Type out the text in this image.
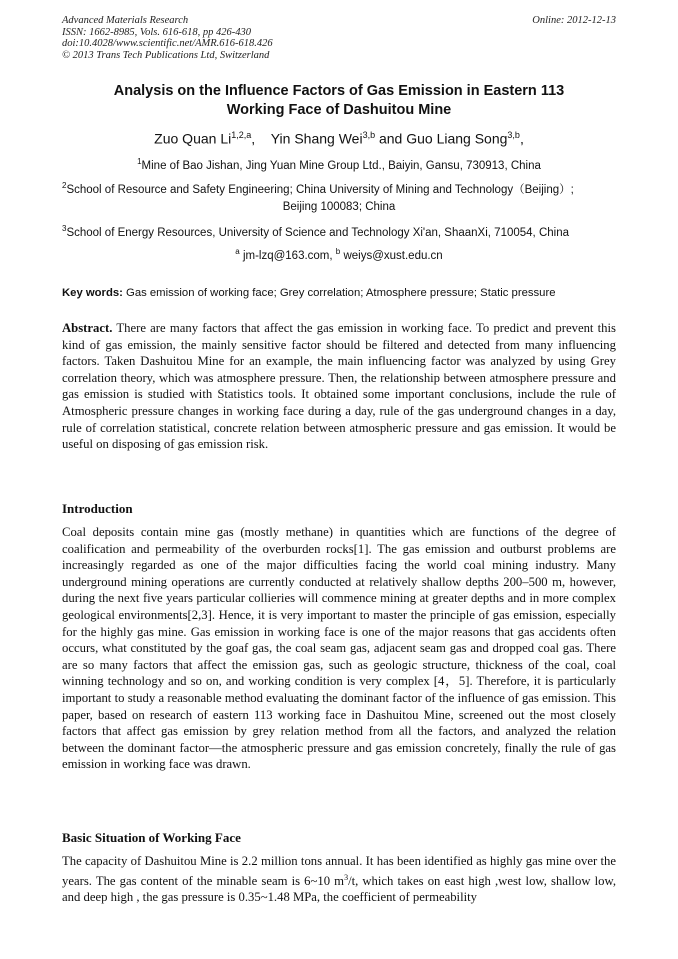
Advanced Materials Research
ISSN: 1662-8985, Vols. 616-618, pp 426-430
doi:10.4028/www.scientific.net/AMR.616-618.426
© 2013 Trans Tech Publications Ltd, Switzerland
Online: 2012-12-13
Analysis on the Influence Factors of Gas Emission in Eastern 113
Working Face of Dashuitou Mine
Zuo Quan Li$^{1,2,a}$,    Yin Shang Wei$^{3,b}$ and Guo Liang Song$^{3,b}$,
$^1$Mine of Bao Jishan, Jing Yuan Mine Group Ltd., Baiyin, Gansu, 730913, China
$^2$School of Resource and Safety Engineering; China University of Mining and Technology（Beijing）;
Beijing 100083; China
$^3$School of Energy Resources, University of Science and Technology Xi'an, ShaanXi, 710054, China
$^a$ jm-lzq@163.com, $^b$ weiys@xust.edu.cn
Key words: Gas emission of working face; Grey correlation; Atmosphere pressure; Static pressure
Abstract. There are many factors that affect the gas emission in working face. To predict and prevent this kind of gas emission, the mainly sensitive factor should be filtered and detected from many influencing factors. Taken Dashuitou Mine for an example, the main influencing factor was analyzed by using Grey correlation theory, which was atmosphere pressure. Then, the relationship between atmosphere pressure and gas emission is studied with Statistics tools. It obtained some important conclusions, include the rule of Atmospheric pressure changes in working face during a day, rule of the gas underground changes in a day, rule of correlation statistical, concrete relation between atmospheric pressure and gas emission. It would be useful on disposing of gas emission risk.
Introduction
Coal deposits contain mine gas (mostly methane) in quantities which are functions of the degree of coalification and permeability of the overburden rocks[1]. The gas emission and outburst problems are increasingly regarded as one of the major difficulties facing the world coal mining industry. Many underground mining operations are currently conducted at relatively shallow depths 200–500 m, however, during the next five years particular collieries will commence mining at greater depths and in more complex geological environments[2,3]. Hence, it is very important to master the principle of gas emission, especially for the highly gas mine. Gas emission in working face is one of the major reasons that gas accidents often occurs, what constituted by the goaf gas, the coal seam gas, adjacent seam gas and dropped coal gas. There are so many factors that affect the emission gas, such as geologic structure, thickness of the coal, coal winning technology and so on, and working condition is very complex [4，5]. Therefore, it is particularly important to study a reasonable method evaluating the dominant factor of the influence of gas emission. This paper, based on research of eastern 113 working face in Dashuitou Mine, screened out the most closely factors that affect gas emission by grey relation method from all the factors, and analyzed the relation between the dominant factor—the atmospheric pressure and gas emission concretely, finally the rule of gas emission in working face was drawn.
Basic Situation of Working Face
The capacity of Dashuitou Mine is 2.2 million tons annual. It has been identified as highly gas mine over the years. The gas content of the minable seam is 6~10 $m^3/t$, which takes on east high ,west low, shallow low, and deep high , the gas pressure is 0.35~1.48 MPa, the coefficient of permeability
